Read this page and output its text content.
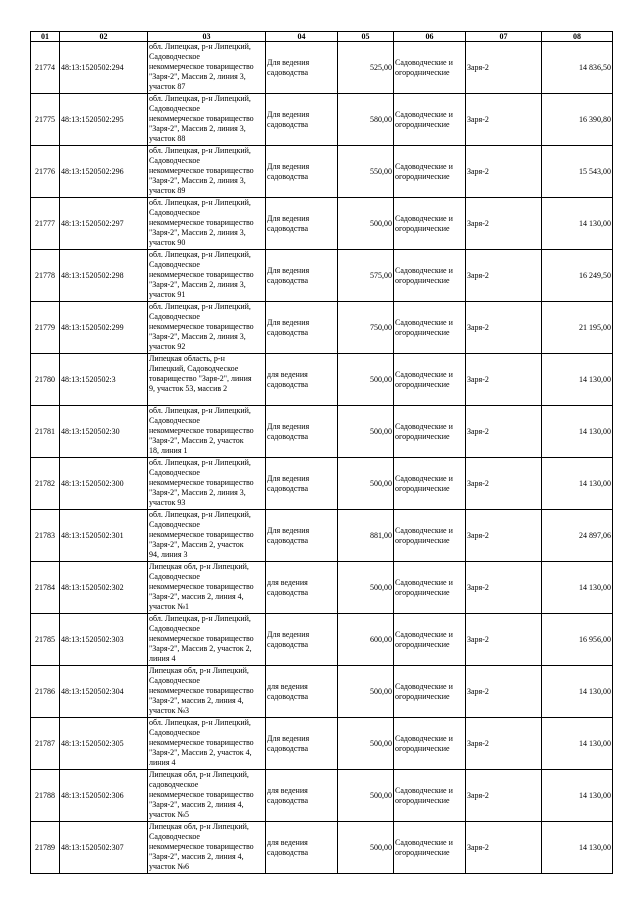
01	02	03	04	05	06	07	08
21774	48:13:1520502:294	обл. Липецкая, р-н Липецкий,
Садоводческое
некоммерческое товарищество
"Заря-2", Массив 2, линия 3,
участок 87	Для ведения садоводства	525,00	Садоводческие и огороднические	Заря-2	14 836,50
21775	48:13:1520502:295	обл. Липецкая, р-н Липецкий,
Садоводческое
некоммерческое товарищество
"Заря-2", Массив 2, линия 3,
участок 88	Для ведения садоводства	580,00	Садоводческие и огороднические	Заря-2	16 390,80
21776	48:13:1520502:296	обл. Липецкая, р-н Липецкий,
Садоводческое
некоммерческое товарищество
"Заря-2", Массив 2, линия 3,
участок 89	Для ведения садоводства	550,00	Садоводческие и огороднические	Заря-2	15 543,00
21777	48:13:1520502:297	обл. Липецкая, р-н Липецкий,
Садоводческое
некоммерческое товарищество
"Заря-2", Массив 2, линия 3,
участок 90	Для ведения садоводства	500,00	Садоводческие и огороднические	Заря-2	14 130,00
21778	48:13:1520502:298	обл. Липецкая, р-н Липецкий,
Садоводческое
некоммерческое товарищество
"Заря-2", Массив 2, линия 3,
участок 91	Для ведения садоводства	575,00	Садоводческие и огороднические	Заря-2	16 249,50
21779	48:13:1520502:299	обл. Липецкая, р-н Липецкий,
Садоводческое
некоммерческое товарищество
"Заря-2", Массив 2, линия 3,
участок 92	Для ведения садоводства	750,00	Садоводческие и огороднические	Заря-2	21 195,00
21780	48:13:1520502:3	Липецкая область, р-н
Липецкий, Садоводческое
товарищество "Заря-2", линия
9, участок 53, массив 2	для ведения садоводства	500,00	Садоводческие и огороднические	Заря-2	14 130,00
21781	48:13:1520502:30	обл. Липецкая, р-н Липецкий,
Садоводческое
некоммерческое товарищество
"Заря-2", Массив 2, участок
18, линия 1	Для ведения садоводства	500,00	Садоводческие и огороднические	Заря-2	14 130,00
21782	48:13:1520502:300	обл. Липецкая, р-н Липецкий,
Садоводческое
некоммерческое товарищество
"Заря-2", Массив 2, линия 3,
участок 93	Для ведения садоводства	500,00	Садоводческие и огороднические	Заря-2	14 130,00
21783	48:13:1520502:301	обл. Липецкая, р-н Липецкий,
Садоводческое
некоммерческое товарищество
"Заря-2", Массив 2, участок
94, линия 3	Для ведения садоводства	881,00	Садоводческие и огороднические	Заря-2	24 897,06
21784	48:13:1520502:302	Липецкая обл, р-н Липецкий,
Садоводческое
некоммерческое товарищество
"Заря-2", массив 2, линия 4,
участок №1	для ведения садоводства	500,00	Садоводческие и огороднические	Заря-2	14 130,00
21785	48:13:1520502:303	обл. Липецкая, р-н Липецкий,
Садоводческое
некоммерческое товарищество
"Заря-2", Массив 2, участок 2,
линия 4	Для ведения садоводства	600,00	Садоводческие и огороднические	Заря-2	16 956,00
21786	48:13:1520502:304	Липецкая обл, р-н Липецкий,
Садоводческое
некоммерческое товарищество
"Заря-2", массив 2, линия 4,
участок №3	для ведения садоводства	500,00	Садоводческие и огороднические	Заря-2	14 130,00
21787	48:13:1520502:305	обл. Липецкая, р-н Липецкий,
Садоводческое
некоммерческое товарищество
"Заря-2", Массив 2, участок 4,
линия 4	Для ведения садоводства	500,00	Садоводческие и огороднические	Заря-2	14 130,00
21788	48:13:1520502:306	Липецкая обл, р-н Липецкий,
садоводческое
некоммерческое товарищество
"Заря-2", массив 2, линия 4,
участок №5	для ведения садоводства	500,00	Садоводческие и огороднические	Заря-2	14 130,00
21789	48:13:1520502:307	Липецкая обл, р-н Липецкий,
Садоводческое
некоммерческое товарищество
"Заря-2", массив 2, линия 4,
участок №6	для ведения садоводства	500,00	Садоводческие и огороднические	Заря-2	14 130,00
